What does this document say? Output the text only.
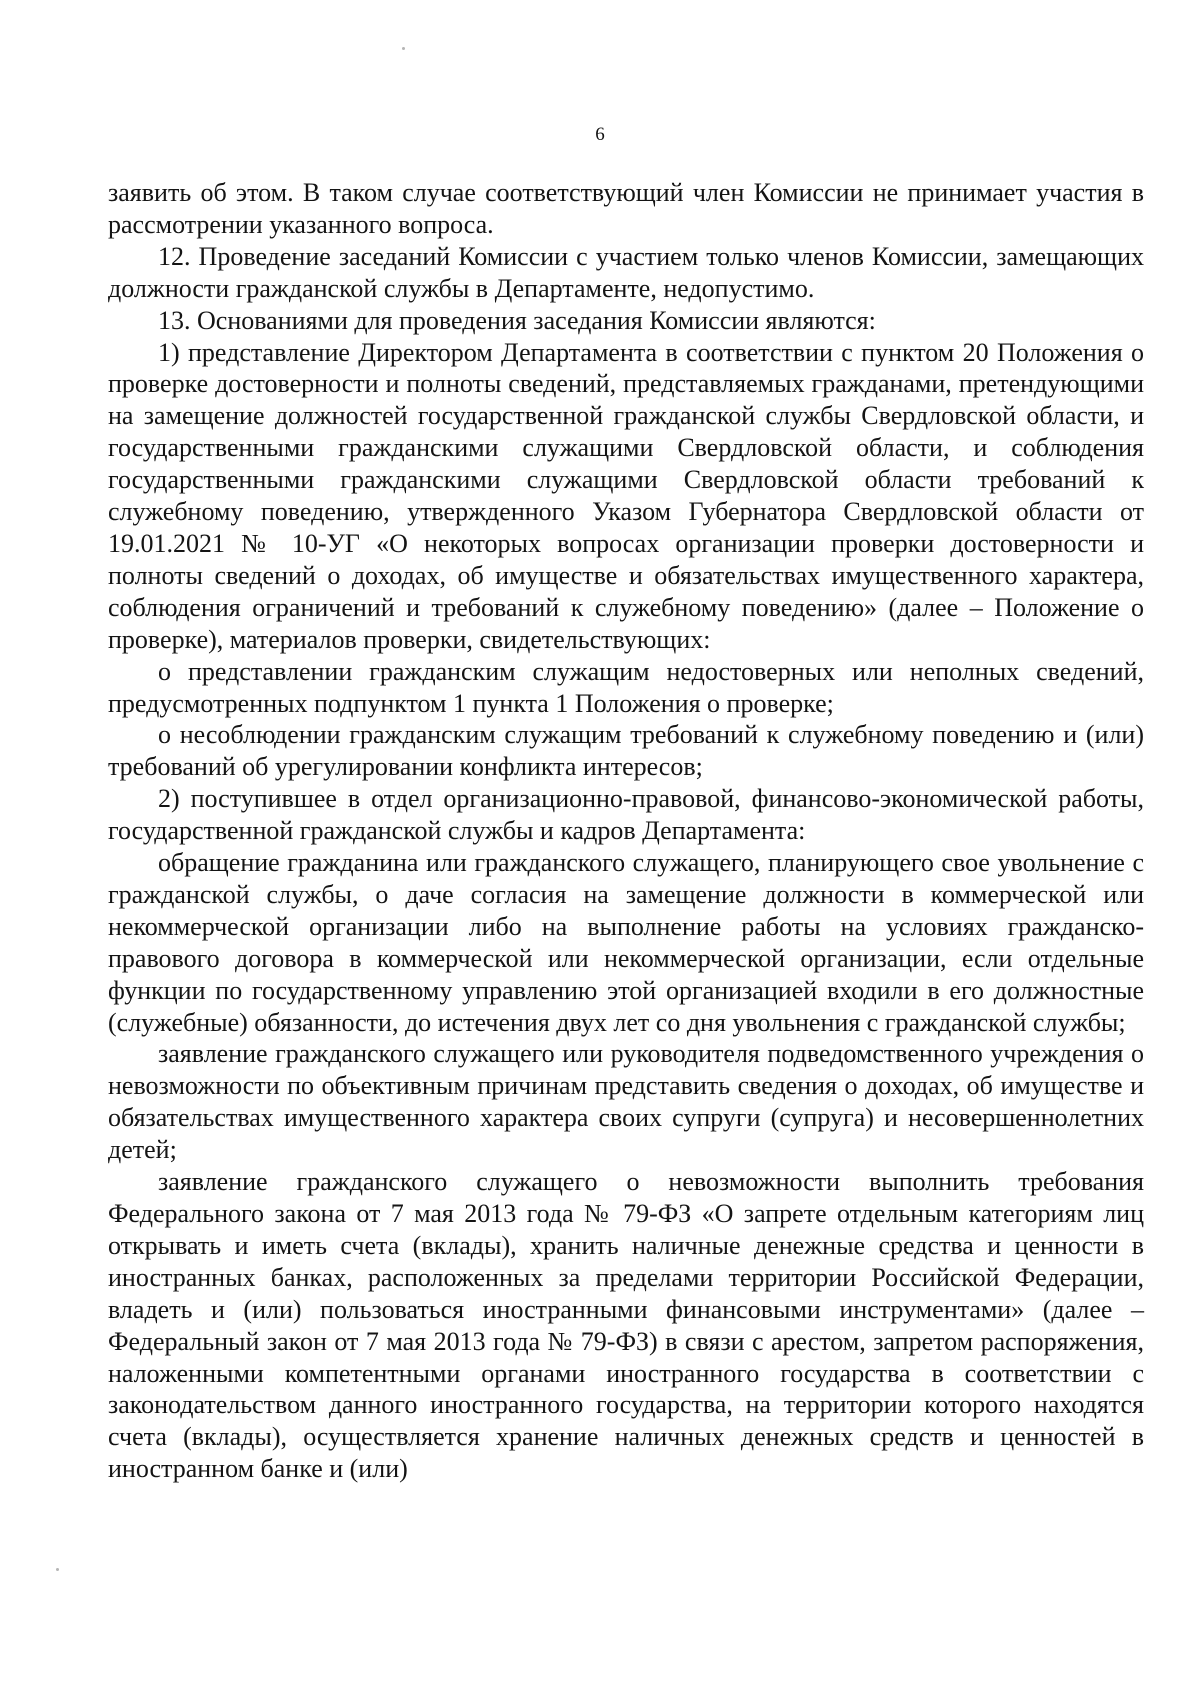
6

заявить об этом. В таком случае соответствующий член Комиссии не принимает участия в рассмотрении указанного вопроса.

12. Проведение заседаний Комиссии с участием только членов Комиссии, замещающих должности гражданской службы в Департаменте, недопустимо.

13. Основаниями для проведения заседания Комиссии являются:

1) представление Директором Департамента в соответствии с пунктом 20 Положения о проверке достоверности и полноты сведений, представляемых гражданами, претендующими на замещение должностей государственной гражданской службы Свердловской области, и государственными гражданскими служащими Свердловской области, и соблюдения государственными гражданскими служащими Свердловской области требований к служебному поведению, утвержденного Указом Губернатора Свердловской области от 19.01.2021 № 10-УГ «О некоторых вопросах организации проверки достоверности и полноты сведений о доходах, об имуществе и обязательствах имущественного характера, соблюдения ограничений и требований к служебному поведению» (далее – Положение о проверке), материалов проверки, свидетельствующих:

о представлении гражданским служащим недостоверных или неполных сведений, предусмотренных подпунктом 1 пункта 1 Положения о проверке;

о несоблюдении гражданским служащим требований к служебному поведению и (или) требований об урегулировании конфликта интересов;

2) поступившее в отдел организационно-правовой, финансово-экономической работы, государственной гражданской службы и кадров Департамента:

обращение гражданина или гражданского служащего, планирующего свое увольнение с гражданской службы, о даче согласия на замещение должности в коммерческой или некоммерческой организации либо на выполнение работы на условиях гражданско-правового договора в коммерческой или некоммерческой организации, если отдельные функции по государственному управлению этой организацией входили в его должностные (служебные) обязанности, до истечения двух лет со дня увольнения с гражданской службы;

заявление гражданского служащего или руководителя подведомственного учреждения о невозможности по объективным причинам представить сведения о доходах, об имуществе и обязательствах имущественного характера своих супруги (супруга) и несовершеннолетних детей;

заявление гражданского служащего о невозможности выполнить требования Федерального закона от 7 мая 2013 года № 79-ФЗ «О запрете отдельным категориям лиц открывать и иметь счета (вклады), хранить наличные денежные средства и ценности в иностранных банках, расположенных за пределами территории Российской Федерации, владеть и (или) пользоваться иностранными финансовыми инструментами» (далее – Федеральный закон от 7 мая 2013 года № 79-ФЗ) в связи с арестом, запретом распоряжения, наложенными компетентными органами иностранного государства в соответствии с законодательством данного иностранного государства, на территории которого находятся счета (вклады), осуществляется хранение наличных денежных средств и ценностей в иностранном банке и (или)
